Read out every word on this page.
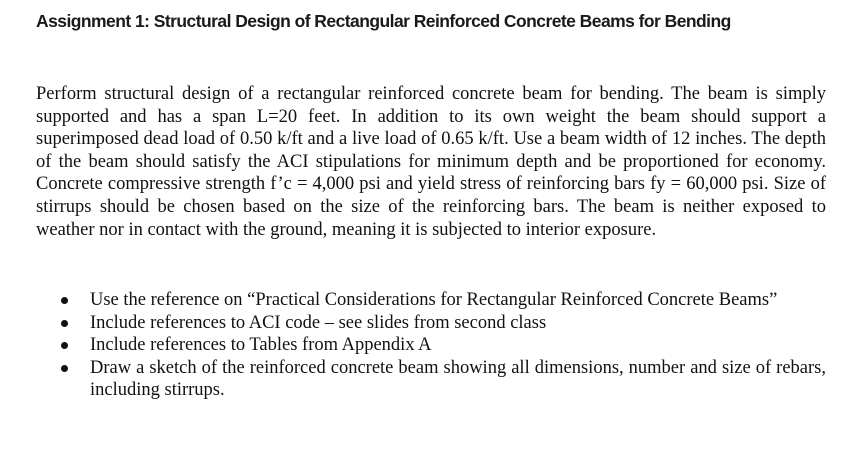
Assignment 1: Structural Design of Rectangular Reinforced Concrete Beams for Bending

Perform structural design of a rectangular reinforced concrete beam for bending. The beam is simply supported and has a span L=20 feet. In addition to its own weight the beam should support a superimposed dead load of 0.50 k/ft and a live load of 0.65 k/ft. Use a beam width of 12 inches. The depth of the beam should satisfy the ACI stipulations for minimum depth and be proportioned for economy. Concrete compressive strength f’c = 4,000 psi and yield stress of reinforcing bars fy = 60,000 psi. Size of stirrups should be chosen based on the size of the reinforcing bars. The beam is neither exposed to weather nor in contact with the ground, meaning it is subjected to interior exposure.

Use the reference on “Practical Considerations for Rectangular Reinforced Concrete Beams”
Include references to ACI code – see slides from second class
Include references to Tables from Appendix A
Draw a sketch of the reinforced concrete beam showing all dimensions, number and size of rebars, including stirrups.
